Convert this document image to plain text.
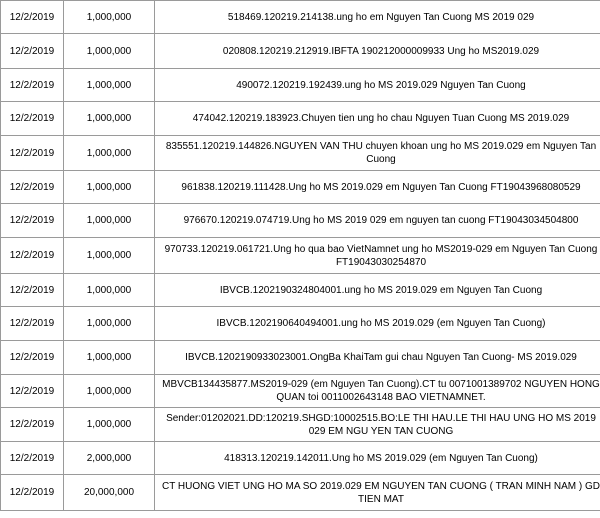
12/2/2019	1,000,000	518469.120219.214138.ung ho em Nguyen Tan Cuong MS 2019 029
12/2/2019	1,000,000	020808.120219.212919.IBFTA 190212000009933 Ung ho MS2019.029
12/2/2019	1,000,000	490072.120219.192439.ung ho MS 2019.029 Nguyen Tan Cuong
12/2/2019	1,000,000	474042.120219.183923.Chuyen tien ung ho chau Nguyen Tuan Cuong MS 2019.029
12/2/2019	1,000,000	835551.120219.144826.NGUYEN VAN THU chuyen khoan ung ho MS 2019.029 em Nguyen Tan Cuong
12/2/2019	1,000,000	961838.120219.111428.Ung ho MS 2019.029 em Nguyen Tan Cuong FT19043968080529
12/2/2019	1,000,000	976670.120219.074719.Ung ho MS 2019 029 em nguyen tan cuong FT19043034504800
12/2/2019	1,000,000	970733.120219.061721.Ung ho qua bao VietNamnet ung ho MS2019-029 em Nguyen Tan Cuong FT19043030254870
12/2/2019	1,000,000	IBVCB.1202190324804001.ung ho MS 2019.029 em Nguyen Tan Cuong
12/2/2019	1,000,000	IBVCB.1202190640494001.ung ho MS 2019.029 (em Nguyen Tan Cuong)
12/2/2019	1,000,000	IBVCB.1202190933023001.OngBa KhaiTam gui chau Nguyen Tan Cuong- MS 2019.029
12/2/2019	1,000,000	MBVCB134435877.MS2019-029 (em Nguyen Tan Cuong).CT tu 0071001389702 NGUYEN HONG QUAN toi 0011002643148 BAO VIETNAMNET.
12/2/2019	1,000,000	Sender:01202021.DD:120219.SHGD:10002515.BO:LE THI HAU.LE THI HAU UNG HO MS 2019 029 EM NGU YEN TAN CUONG
12/2/2019	2,000,000	418313.120219.142011.Ung ho MS 2019.029 (em Nguyen Tan Cuong)
12/2/2019	20,000,000	CT HUONG VIET UNG HO MA SO 2019.029 EM NGUYEN TAN CUONG ( TRAN MINH NAM ) GD TIEN MAT
